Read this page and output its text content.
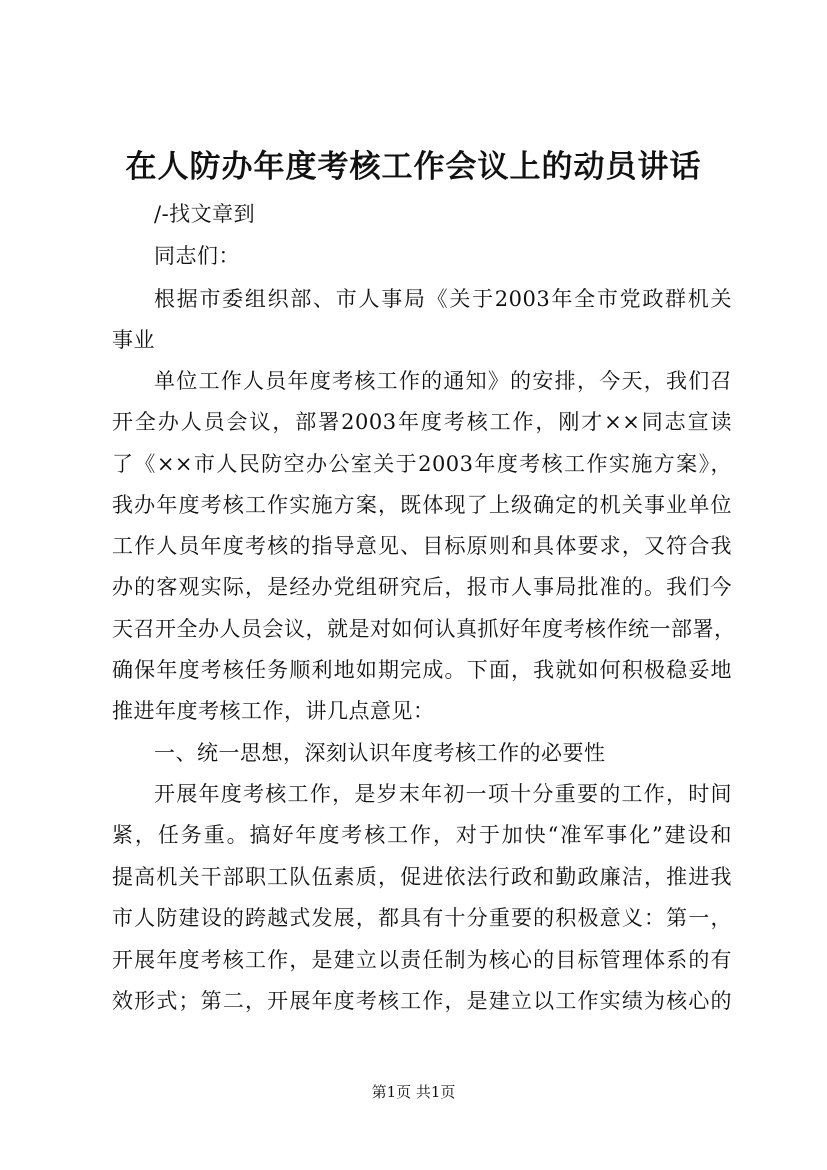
在人防办年度考核工作会议上的动员讲话
/-找文章到
同志们：
根据市委组织部、市人事局《关于2003年全市党政群机关
事业
单位工作人员年度考核工作的通知》的安排，今天，我们召
开全办人员会议，部署2003年度考核工作，刚才××同志宣读
了《××市人民防空办公室关于2003年度考核工作实施方案》，
我办年度考核工作实施方案，既体现了上级确定的机关事业单位
工作人员年度考核的指导意见、目标原则和具体要求，又符合我
办的客观实际，是经办党组研究后，报市人事局批准的。我们今
天召开全办人员会议，就是对如何认真抓好年度考核作统一部署，
确保年度考核任务顺利地如期完成。下面，我就如何积极稳妥地
推进年度考核工作，讲几点意见：
一、统一思想，深刻认识年度考核工作的必要性
开展年度考核工作，是岁末年初一项十分重要的工作，时间
紧，任务重。搞好年度考核工作，对于加快“准军事化”建设和
提高机关干部职工队伍素质，促进依法行政和勤政廉洁，推进我
市人防建设的跨越式发展，都具有十分重要的积极意义：第一，
开展年度考核工作，是建立以责任制为核心的目标管理体系的有
效形式；第二，开展年度考核工作，是建立以工作实绩为核心的
第1页 共1页
